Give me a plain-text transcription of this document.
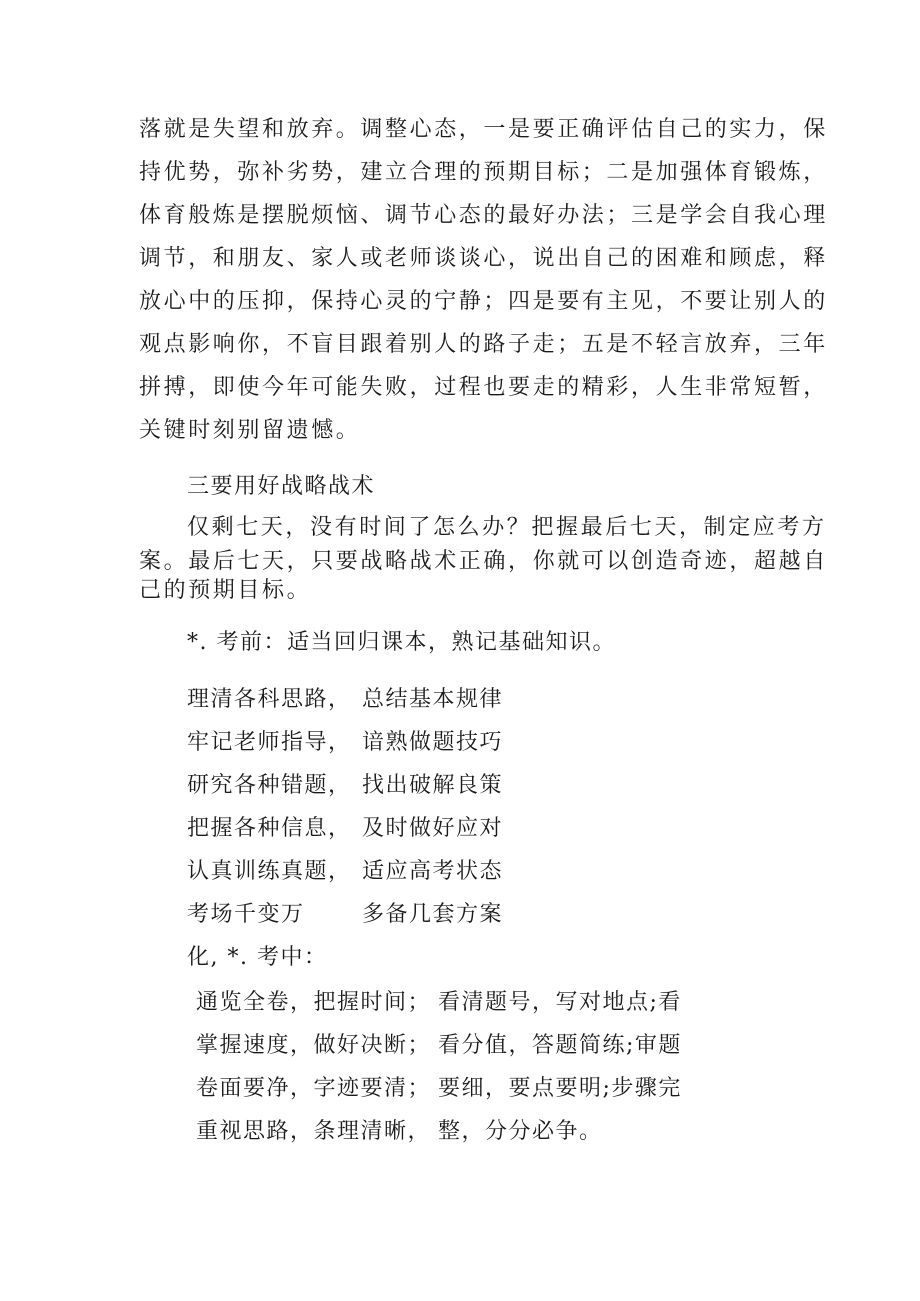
落就是失望和放弃。调整心态，一是要正确评估自己的实力，保
持优势，弥补劣势，建立合理的预期目标；二是加强体育锻炼，
体育般炼是摆脱烦恼、调节心态的最好办法；三是学会自我心理
调节，和朋友、家人或老师谈谈心，说出自己的困难和顾虑，释
放心中的压抑，保持心灵的宁静；四是要有主见，不要让别人的
观点影响你，不盲目跟着别人的路子走；五是不轻言放弃，三年
拼搏，即使今年可能失败，过程也要走的精彩，人生非常短暂，
关键时刻别留遗憾。
三要用好战略战术
仅剩七天，没有时间了怎么办？把握最后七天，制定应考方
案。最后七天，只要战略战术正确，你就可以创造奇迹，超越自
己的预期目标。
*. 考前：适当回归课本，熟记基础知识。
理清各科思路， 总结基本规律
牢记老师指导， 谙熟做题技巧
研究各种错题， 找出破解良策
把握各种信息， 及时做好应对
认真训练真题， 适应高考状态
考场千变万	多备几套方案
化, *. 考中：
通览全卷，把握时间； 看清题号，写对地点;看
掌握速度，做好决断； 看分值，答题简练;审题
卷面要净，字迹要清； 要细，要点要明;步骤完
重视思路，条理清晰， 整，分分必争。
